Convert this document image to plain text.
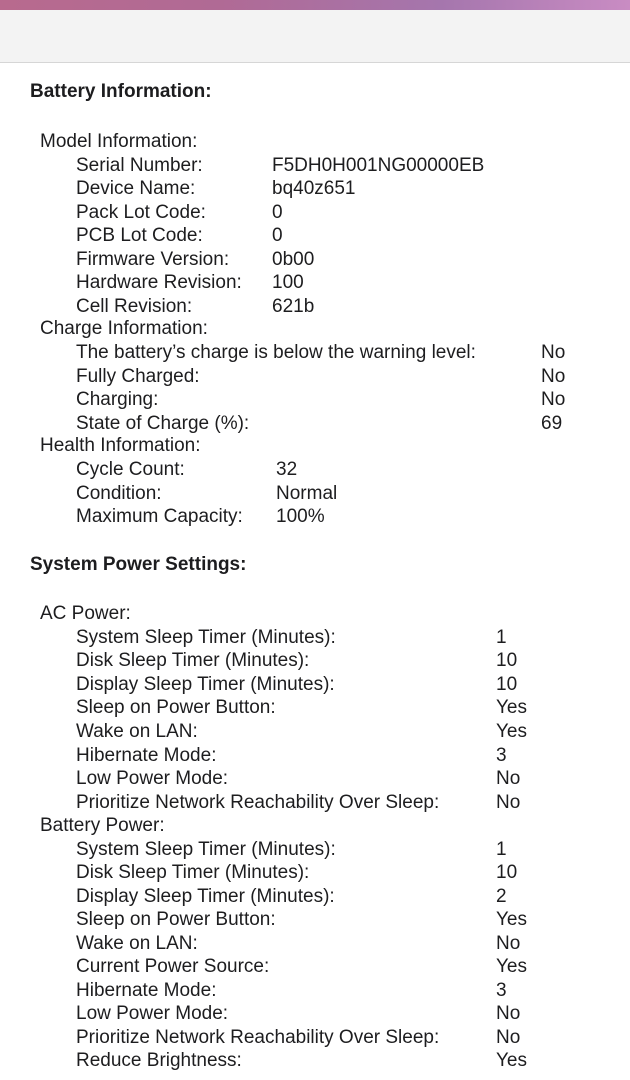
Battery Information:
Model Information:
Serial Number:	F5DH0H001NG00000EB
Device Name:	bq40z651
Pack Lot Code:	0
PCB Lot Code:	0
Firmware Version: 0b00
Hardware Revision: 100
Cell Revision:	621b
Charge Information:
The battery’s charge is below the warning level:	No
Fully Charged:	No
Charging:	No
State of Charge (%):	69
Health Information:
Cycle Count:	32
Condition:	Normal
Maximum Capacity: 100%
System Power Settings:
AC Power:
System Sleep Timer (Minutes):	1
Disk Sleep Timer (Minutes):	10
Display Sleep Timer (Minutes):	10
Sleep on Power Button:	Yes
Wake on LAN:	Yes
Hibernate Mode:	3
Low Power Mode:	No
Prioritize Network Reachability Over Sleep:	No
Battery Power:
System Sleep Timer (Minutes):	1
Disk Sleep Timer (Minutes):	10
Display Sleep Timer (Minutes):	2
Sleep on Power Button:	Yes
Wake on LAN:	No
Current Power Source:	Yes
Hibernate Mode:	3
Low Power Mode:	No
Prioritize Network Reachability Over Sleep:	No
Reduce Brightness:	Yes
